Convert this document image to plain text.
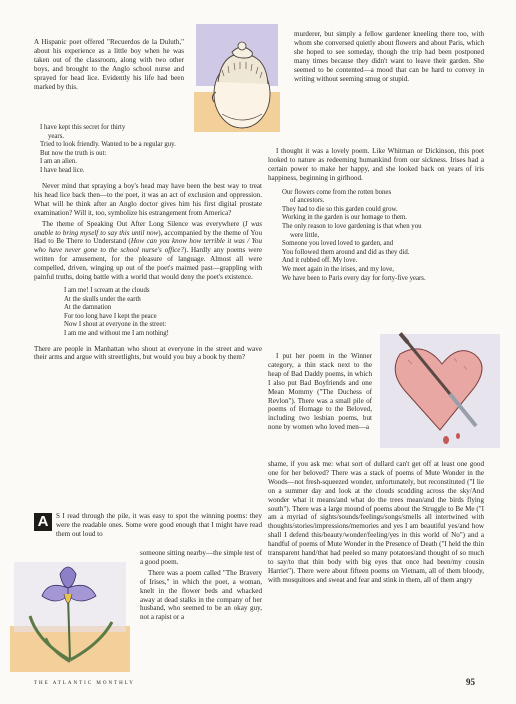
A Hispanic poet offered "Recuerdos de la Duluth," about his experience as a little boy when he was taken out of the classroom, along with two other boys, and brought to the Anglo school nurse and sprayed for head lice. Evidently his life had been marked by this.

I have kept this secret for thirty
years.
Tried to look friendly. Wanted to be a regular guy.
But now the truth is out:
I am an alien.
I have head lice.

Never mind that spraying a boy's head may have been the best way to treat his head lice back then—to the poet, it was an act of exclusion and oppression. What will he think after an Anglo doctor gives him his first digital prostate examination? Will it, too, symbolize his estrangement from America?

The theme of Speaking Out After Long Silence was everywhere (I was unable to bring myself to say this until now), accompanied by the theme of You Had to Be There to Understand (How can you know how terrible it was / You who have never gone to the school nurse's office?). Hardly any poems were written for amusement, for the pleasure of language. Almost all were compelled, driven, winging up out of the poet's maimed past—grappling with painful truths, doing battle with a world that would deny the poet's existence.

I am me! I scream at the clouds
At the skulls under the earth
At the damnation
For too long have I kept the peace
Now I shout at everyone in the street:
I am me and without me I am nothing!

There are people in Manhattan who shout at everyone in the street and wave their arms and argue with streetlights, but would you buy a book by them?

A	S I read through the pile, it was easy to spot the winning poems: they were the readable ones. Some were good enough that I might have read them out loud to

someone sitting nearby—the simple test of a good poem.

There was a poem called "The Bravery of Irises," in which the poet, a woman, knelt in the flower beds and whacked away at dead stalks in the company of her husband, who seemed to be an okay guy, not a rapist or a

murderer, but simply a fellow gardener kneeling there too, with whom she conversed quietly about flowers and about Paris, which she hoped to see someday, though the trip had been postponed many times because they didn't want to leave their garden. She seemed to be contented—a mood that can be hard to convey in writing without seeming smug or stupid.

I thought it was a lovely poem. Like Whitman or Dickinson, this poet looked to nature as redeeming humankind from our sickness. Irises had a certain power to make her happy, and she looked back on years of iris happiness, beginning in girlhood.

Our flowers come from the rotten bones
of ancestors.
They had to die so this garden could grow.
Working in the garden is our homage to them.
The only reason to love gardening is that when you
were little,
Someone you loved loved to garden, and
You followed them around and did as they did.
And it rubbed off. My love.
We meet again in the irises, and my love,
We have been to Paris every day for forty-five years.

I put her poem in the Winner category, a thin stack next to the heap of Bad Daddy poems, in which I also put Bad Boyfriends and one Mean Mommy ("The Duchess of Revlon"). There was a small pile of poems of Homage to the Beloved, including two lesbian poems, but none by women who loved men—a

shame, if you ask me: what sort of dullard can't get off at least one good one for her beloved? There was a stack of poems of Mute Wonder in the Woods—not fresh-squeezed wonder, unfortunately, but reconstituted ("I lie on a summer day and look at the clouds scudding across the sky/And wonder what it means/and what do the trees mean/and the birds flying south"). There was a large mound of poems about the Struggle to Be Me ("I am a myriad of sights/sounds/feelings/songs/smells all intertwined with thoughts/stories/impressions/memories and yes I am beautiful yes/and how shall I defend this/beauty/wonder/feeling/yes in this world of No") and a handful of poems of Mute Wonder in the Presence of Death ("I held the thin transparent hand/that had peeled so many potatoes/and thought of so much to say/to that thin body with big eyes that once had been/my cousin Harriet"). There were about fifteen poems on Vietnam, all of them bloody, with mosquitoes and sweat and fear and stink in them, all of them angry

THE ATLANTIC MONTHLY	95
